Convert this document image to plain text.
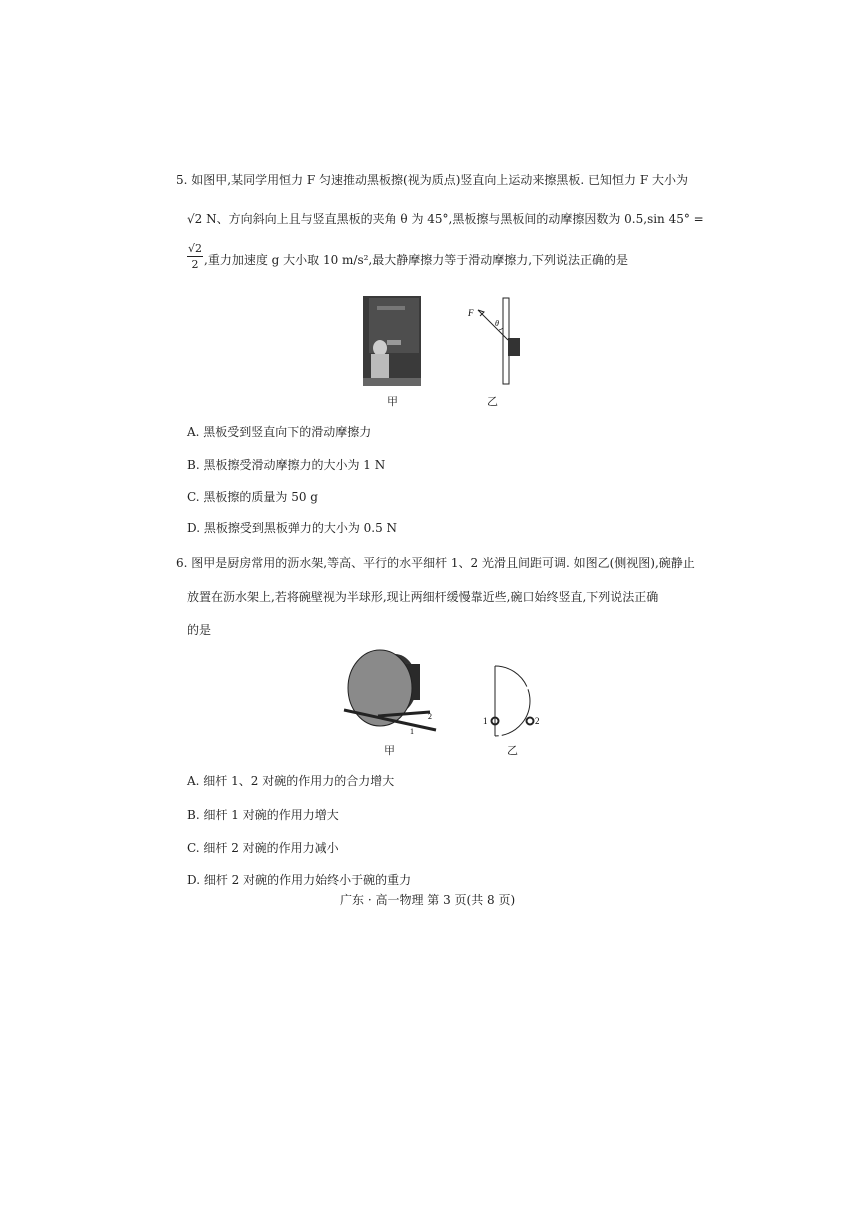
5. 如图甲,某同学用恒力 F 匀速推动黑板擦(视为质点)竖直向上运动来擦黑板. 已知恒力 F 大小为
√2 N、方向斜向上且与竖直黑板的夹角 θ 为 45°,黑板擦与黑板间的动摩擦因数为 0.5,sin 45° =
√2
2 ,重力加速度 g 大小取 10 m/s²,最大静摩擦力等于滑动摩擦力,下列说法正确的是
甲
F
θ
乙
A. 黑板受到竖直向下的滑动摩擦力
B. 黑板擦受滑动摩擦力的大小为 1 N
C. 黑板擦的质量为 50 g
D. 黑板擦受到黑板弹力的大小为 0.5 N
6. 图甲是厨房常用的沥水架,等高、平行的水平细杆 1、2 光滑且间距可调. 如图乙(侧视图),碗静止
放置在沥水架上,若将碗壁视为半球形,现让两细杆缓慢靠近些,碗口始终竖直,下列说法正确
的是
2
1
甲
1	2
乙
A. 细杆 1、2 对碗的作用力的合力增大
B. 细杆 1 对碗的作用力增大
C. 细杆 2 对碗的作用力减小
D. 细杆 2 对碗的作用力始终小于碗的重力
广东 · 高一物理 第 3 页(共 8 页)
